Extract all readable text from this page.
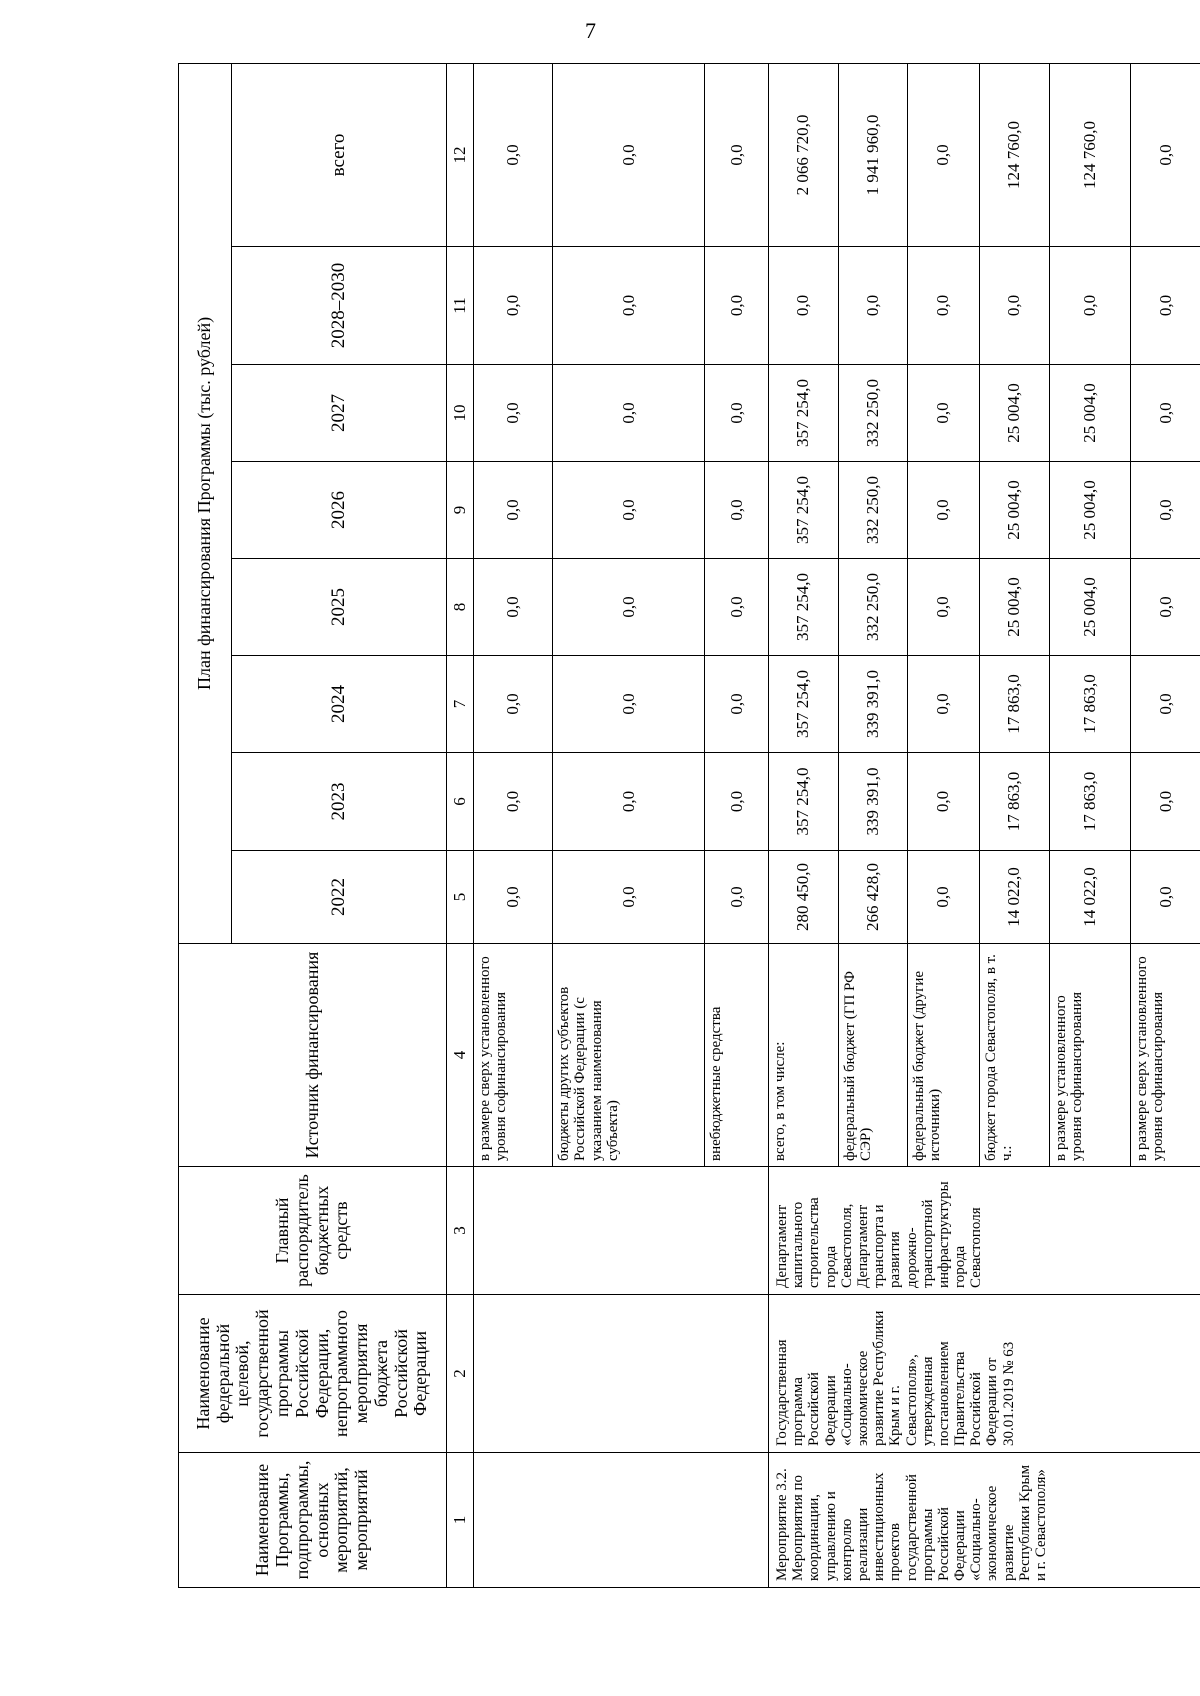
7
Наименование Программы, подпрограммы, основных мероприятий, мероприятий	Наименование федеральной целевой, государственной программы Российской Федерации, непрограммного мероприятия бюджета Российской Федерации	Главный распорядитель бюджетных средств	Источник финансирования	План финансирования Программы (тыс. рублей)							
				2022	2023	2024	2025	2026	2027	2028–2030	всего
1	2	3	4	5	6	7	8	9	10	11	12
			в размере сверх установленного уровня софинансирования	0,0	0,0	0,0	0,0	0,0	0,0	0,0	0,0
			бюджеты других субъектов Российской Федерации (с указанием наименования субъекта)	0,0	0,0	0,0	0,0	0,0	0,0	0,0	0,0
			внебюджетные средства	0,0	0,0	0,0	0,0	0,0	0,0	0,0	0,0
Мероприятие 3.2. Мероприятия по координации, управлению и контролю реализации инвестиционных проектов государственной программы Российской Федерации «Социально-экономическое развитие Республики Крым и г. Севастополя»	Государственная программа Российской Федерации «Социально-экономическое развитие Республики Крым и г. Севастополя», утвержденная постановлением Правительства Российской Федерации от 30.01.2019 № 63	Департамент капитального строительства города Севастополя, Департамент транспорта и развития дорожно-транспортной инфраструктуры города Севастополя	всего, в том числе:	280 450,0	357 254,0	357 254,0	357 254,0	357 254,0	357 254,0	0,0	2 066 720,0
			федеральный бюджет (ГП РФ СЭР)	266 428,0	339 391,0	339 391,0	332 250,0	332 250,0	332 250,0	0,0	1 941 960,0
			федеральный бюджет (другие источники)	0,0	0,0	0,0	0,0	0,0	0,0	0,0	0,0
			бюджет города Севастополя, в т. ч.:	14 022,0	17 863,0	17 863,0	25 004,0	25 004,0	25 004,0	0,0	124 760,0
			в размере установленного уровня софинансирования	14 022,0	17 863,0	17 863,0	25 004,0	25 004,0	25 004,0	0,0	124 760,0
			в размере сверх установленного уровня софинансирования	0,0	0,0	0,0	0,0	0,0	0,0	0,0	0,0
